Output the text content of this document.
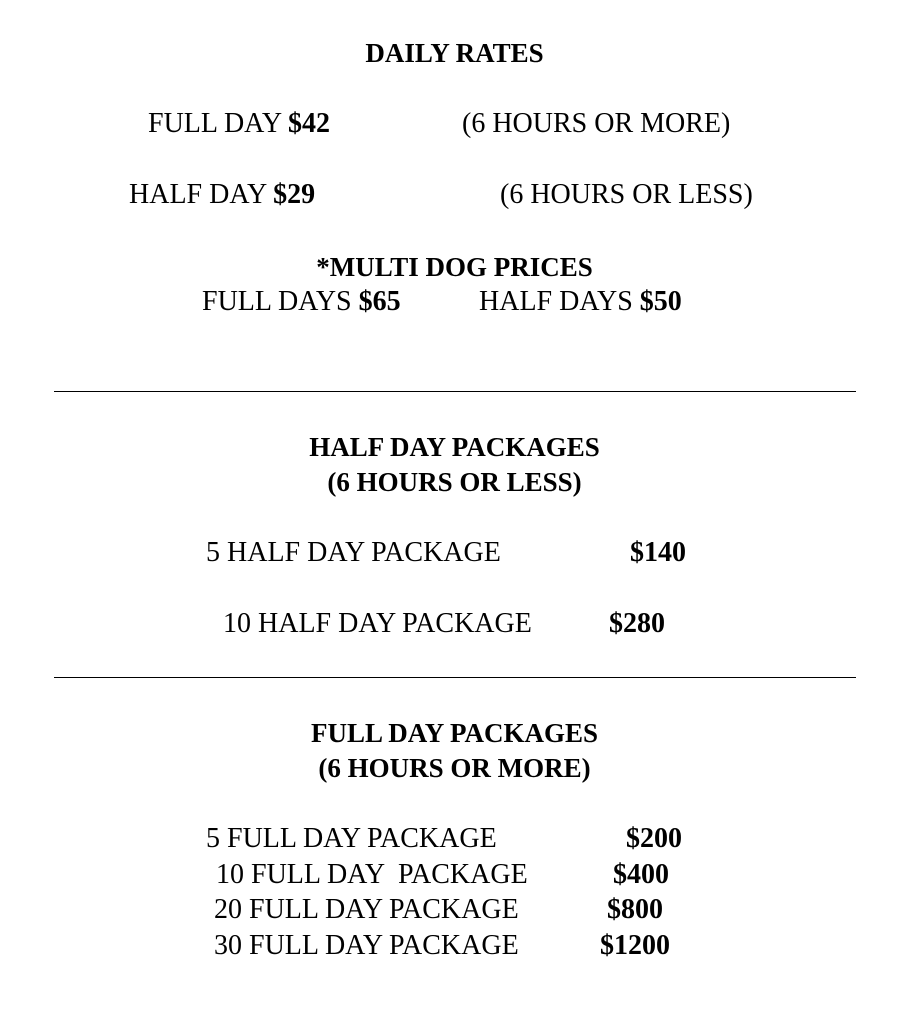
DAILY RATES
FULL DAY $42	(6 HOURS OR MORE)
HALF DAY $29	(6 HOURS OR LESS)
*MULTI DOG PRICES
FULL DAYS $65	HALF DAYS $50
HALF DAY PACKAGES
(6 HOURS OR LESS)
5 HALF DAY PACKAGE	$140
10 HALF DAY PACKAGE	$280
FULL DAY PACKAGES
(6 HOURS OR MORE)
5 FULL DAY PACKAGE	$200
10 FULL DAY  PACKAGE	$400
20 FULL DAY PACKAGE	$800
30 FULL DAY PACKAGE	$1200
